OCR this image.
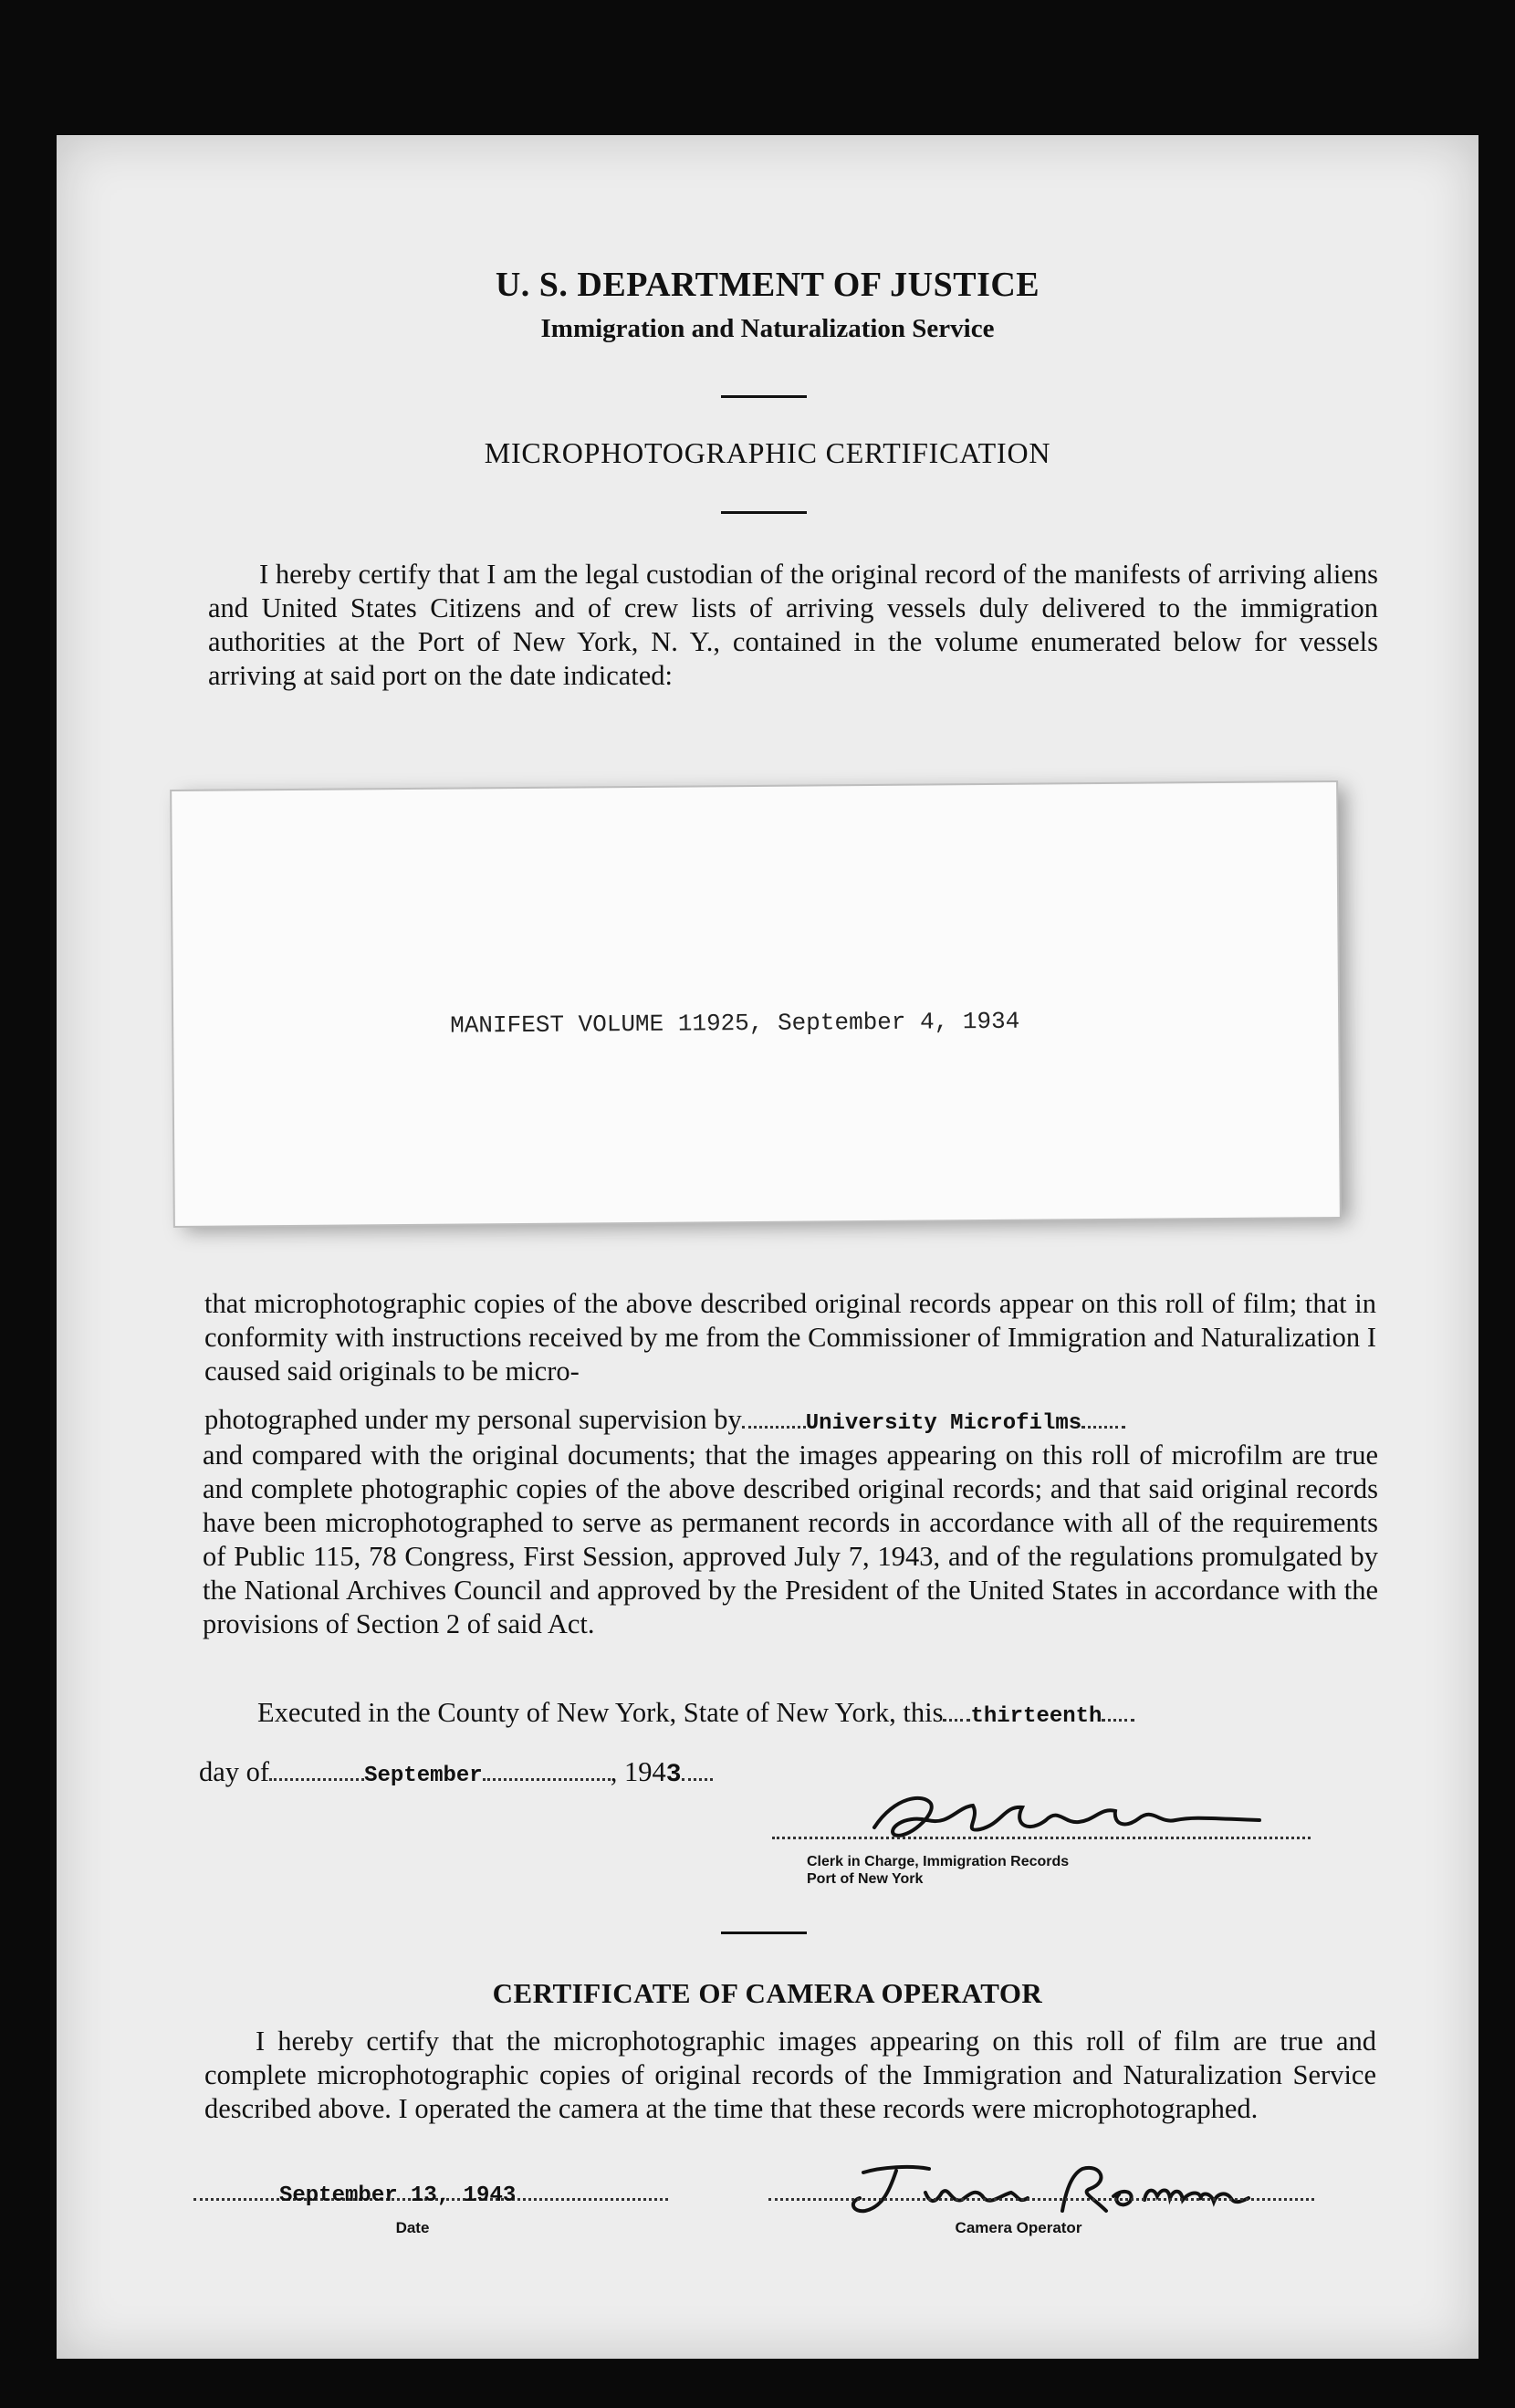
U. S. DEPARTMENT OF JUSTICE
Immigration and Naturalization Service
MICROPHOTOGRAPHIC CERTIFICATION
I hereby certify that I am the legal custodian of the original record of the manifests of arriving aliens and United States Citizens and of crew lists of arriving vessels duly delivered to the immigration authorities at the Port of New York, N. Y., contained in the volume enumerated below for vessels arriving at said port on the date indicated:
MANIFEST VOLUME 11925, September 4, 1934
that microphotographic copies of the above described original records appear on this roll of film; that in conformity with instructions received by me from the Commissioner of Immigration and Naturalization I caused said originals to be micro-
photographed under my personal supervision by	University Microfilms
and compared with the original documents; that the images appearing on this roll of microfilm are true and complete photographic copies of the above described original records; and that said original records have been microphotographed to serve as permanent records in accordance with all of the requirements of Public 115, 78 Congress, First Session, approved July 7, 1943, and of the regulations promulgated by the National Archives Council and approved by the President of the United States in accordance with the provisions of Section 2 of said Act.
Executed in the County of New York, State of New York, this thirteenth
day of	September	, 1943
Clerk in Charge, Immigration Records
Port of New York
CERTIFICATE OF CAMERA OPERATOR
I hereby certify that the microphotographic images appearing on this roll of film are true and complete microphotographic copies of original records of the Immigration and Naturalization Service described above. I operated the camera at the time that these records were microphotographed.
September 13, 1943
Date	Camera Operator
